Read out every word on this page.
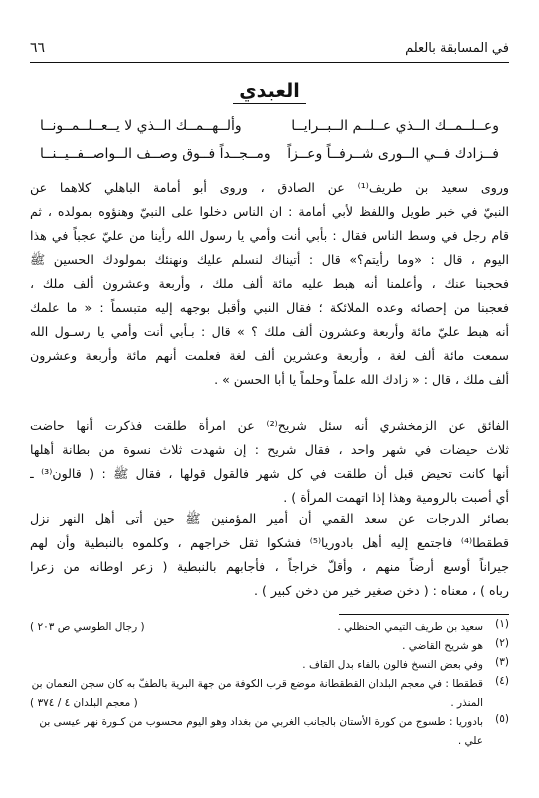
في المسابقة بالعلم
٦٦
العبدي
وعــلــمــك الــذي عــلــم الــبــرايــا
وألــهــمــك الــذي لا يــعــلــمــونــا
فــزادك فــي الــورى شــرفــاً وعــزاً
ومــجــداً فــوق وصــف الــواصــفــيــنــا
وروى سعيد بن طريف⁽¹⁾ عن الصادق ، وروى أبو أمامة الباهلي كلاهما عن
النبيّ في خبر طويل واللفظ لأبي أمامة : ان الناس دخلوا على النبيّ وهنؤوه بمولده ، ثم
قام رجل في وسط الناس فقال : بأبي أنت وأمي يا رسول الله رأينا من عليّ عجباً في هذا
اليوم ، قال : «وما رأيتم؟» قال : أتيناك لنسلم عليك ونهنئك بمولودك الحسين ﷺ
فحجبنا عنك ، وأعلمنا أنه هبط عليه مائة ألف ملك ، وأربعة وعشرون ألف ملك ،
فعجبنا من إحصائه وعده الملائكة ؛ فقال النبي وأقبل بوجهه إليه متبسماً : « ما علمك
أنه هبط عليّ مائة وأربعة وعشرون ألف ملك ؟ » قال : بـأبي أنت وأمي يا رسـول الله
سمعت مائة ألف لغة ، وأربعة وعشرين ألف لغة فعلمت أنهم مائة وأربعة وعشرون
ألف ملك ، قال : « زادك الله علماً وحلماً يا أبا الحسن » .
الفائق عن الزمخشري أنه سئل شريح⁽²⁾ عن امرأة طلقت فذكرت أنها حاضت
ثلاث حيضات في شهر واحد ، فقال شريح : إن شهدت ثلاث نسوة من بطانة أهلها
أنها كانت تحيض قبل أن طلقت في كل شهر فالقول قولها ، فقال ﷺ : ( قالون⁽³⁾ ـ
أي أصبت بالرومية وهذا إذا اتهمت المرأة ) .
بصائر الدرجات عن سعد القمي أن أمير المؤمنين ﷺ حين أتى أهل النهر نزل
قطقطا⁽⁴⁾ فاجتمع إليه أهل بادوريا⁽⁵⁾ فشكوا ثقل خراجهم ، وكلموه بالنبطية وأن لهم
جيراناً أوسع أرضاً منهم ، وأقلّ خراجاً ، فأجابهم بالنبطية ( زعر اوطانه من زعرا
رباه ) ، معناه : ( دخن صغير خير من دخن كبير ) .
(١)
سعيد بن طريف التيمي الحنظلي .
( رجال الطوسي ص ٢٠٣ )
(٢)
هو شريح القاضي .
(٣)
وفي بعض النسخ فالون بالفاء بدل القاف .
(٤)
قطقطا : في معجم البلدان القطقطانة موضع قرب الكوفة من جهة البرية بالطفّ به كان سجن النعمان بن
المنذر .
( معجم البلدان ٤ / ٣٧٤ )
(٥)
بادوريا : طسوج من كورة الأستان بالجانب الغربي من بغداد وهو اليوم محسوب من كـورة نهر عيسى بن
علي .
